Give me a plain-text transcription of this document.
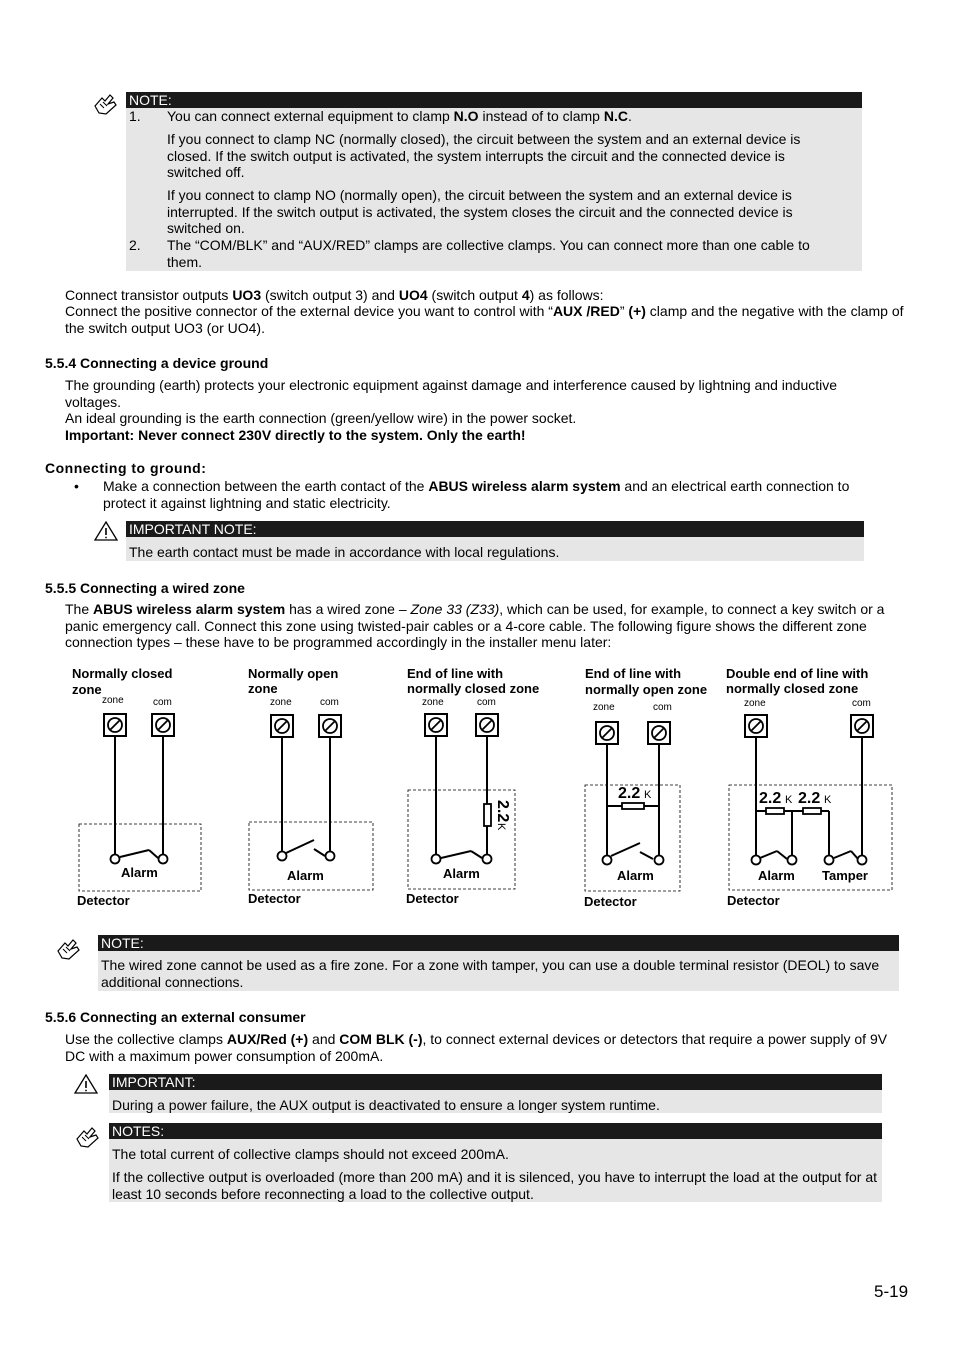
NOTE:
1. You can connect external equipment to clamp N.O instead of to clamp N.C.
If you connect to clamp NC (normally closed), the circuit between the system and an external device is closed. If the switch output is activated, the system interrupts the circuit and the connected device is switched off.
If you connect to clamp NO (normally open), the circuit between the system and an external device is interrupted. If the switch output is activated, the system closes the circuit and the connected device is switched on.
2. The “COM/BLK” and “AUX/RED” clamps are collective clamps. You can connect more than one cable to them.
Connect transistor outputs UO3 (switch output 3) and UO4 (switch output 4) as follows:
Connect the positive connector of the external device you want to control with “AUX /RED” (+) clamp and the negative with the clamp of the switch output UO3 (or UO4).
5.5.4 Connecting a device ground
The grounding (earth) protects your electronic equipment against damage and interference caused by lightning and inductive voltages.
An ideal grounding is the earth connection (green/yellow wire) in the power socket.
Important: Never connect 230V directly to the system. Only the earth!
Connecting to ground:
• Make a connection between the earth contact of the ABUS wireless alarm system and an electrical earth connection to protect it against lightning and static electricity.
IMPORTANT NOTE:
The earth contact must be made in accordance with local regulations.
5.5.5 Connecting a wired zone
The ABUS wireless alarm system has a wired zone – Zone 33 (Z33), which can be used, for example, to connect a key switch or a panic emergency call. Connect this zone using twisted-pair cables or a 4-core cable. The following figure shows the different zone connection types – these have to be programmed accordingly in the installer menu later:
Normally closed
zone
Normally open
zone
End of line with
normally closed zone
End of line with
normally open zone
Double end of line with
normally closed zone
zone	com	zone	com	zone	com	zone	com	zone	com
2.2
K
2.2 K	2.2 K 2.2 K
Alarm
Detector
Alarm
Detector
Alarm
Detector
Alarm
Detector
Alarm Tamper
Detector
NOTE:
The wired zone cannot be used as a fire zone. For a zone with tamper, you can use a double terminal resistor (DEOL) to save additional connections.
5.5.6 Connecting an external consumer
Use the collective clamps AUX/Red (+) and COM BLK (-), to connect external devices or detectors that require a power supply of 9V DC with a maximum power consumption of 200mA.
IMPORTANT:
During a power failure, the AUX output is deactivated to ensure a longer system runtime.
NOTES:
The total current of collective clamps should not exceed 200mA.
If the collective output is overloaded (more than 200 mA) and it is silenced, you have to interrupt the load at the output for at least 10 seconds before reconnecting a load to the collective output.
5-19
